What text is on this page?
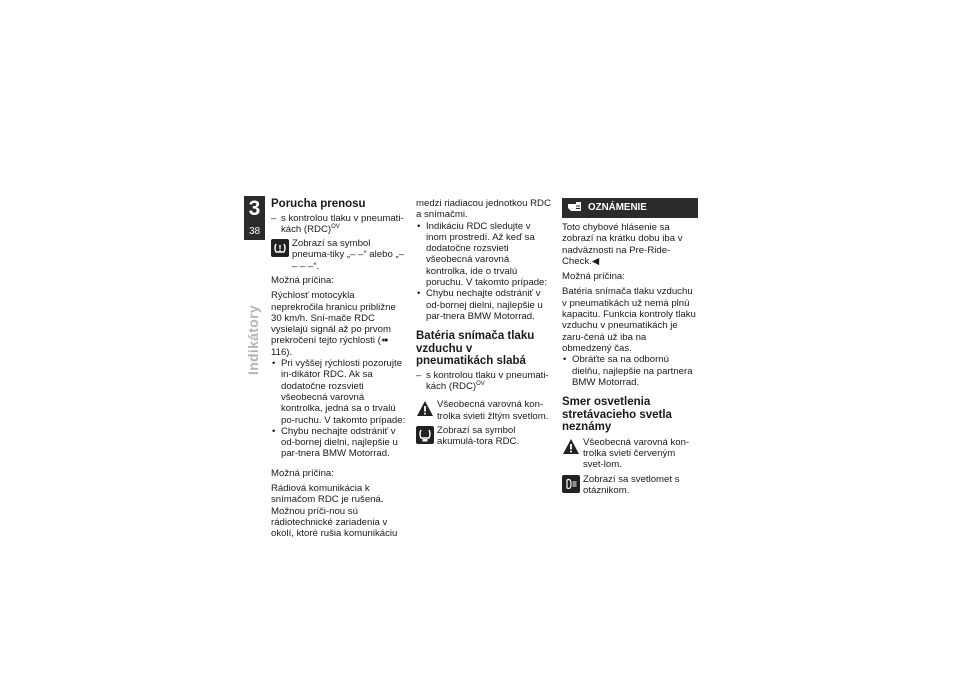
3
38
Indikátory
Porucha prenosu
– s kontrolou tlaku v pneumati-kách (RDC)$^{OV}$

Zobrazí sa symbol pneuma-tiky „– –“ alebo „– – – –“.

Možná príčina:

Rýchlosť motocykla neprekročila hranicu približne 30 km/h. Sní-mače RDC vysielajú signál až po prvom prekročení tejto rýchlosti (➠ 116).

• Pri vyššej rýchlosti pozorujte in-dikátor RDC. Ak sa dodatočne rozsvieti všeobecná varovná kontrolka, jedná sa o trvalú po-ruchu. V takomto prípade:
• Chybu nechajte odstrániť v od-bornej dielni, najlepšie u par-tnera BMW Motorrad.

Možná príčina:

Rádiová komunikácia k snímačom RDC je rušená. Možnou príči-nou sú rádiotechnické zariadenia v okolí, ktoré rušia komunikáciu

medzi riadiacou jednotkou RDC a snímačmi.

• Indikáciu RDC sledujte v inom prostredí. Až keď sa dodatočne rozsvieti všeobecná varovná kontrolka, ide o trvalú poruchu. V takomto prípade:
• Chybu nechajte odstrániť v od-bornej dielni, najlepšie u par-tnera BMW Motorrad.
Batéria snímača tlaku vzduchu v pneumatikách slabá
– s kontrolou tlaku v pneumati-kách (RDC)$^{OV}$

Všeobecná varovná kon-trolka svieti žltým svetlom.

Zobrazí sa symbol akumulá-tora RDC.

OZNÁMENIE

Toto chybové hlásenie sa zobrazí na krátku dobu iba v nadväznosti na Pre-Ride-Check.◀

Možná príčina:

Batéria snímača tlaku vzduchu v pneumatikách už nemá plnú kapacitu. Funkcia kontroly tlaku vzduchu v pneumatikách je zaru-čená už iba na obmedzený čas.

• Obráťte sa na odbornú dielňu, najlepšie na partnera BMW Motorrad.
Smer osvetlenia stretávacieho svetla neznámy

Všeobecná varovná kon-trolka svieti červeným svet-lom.

Zobrazí sa svetlomet s otáznikom.
